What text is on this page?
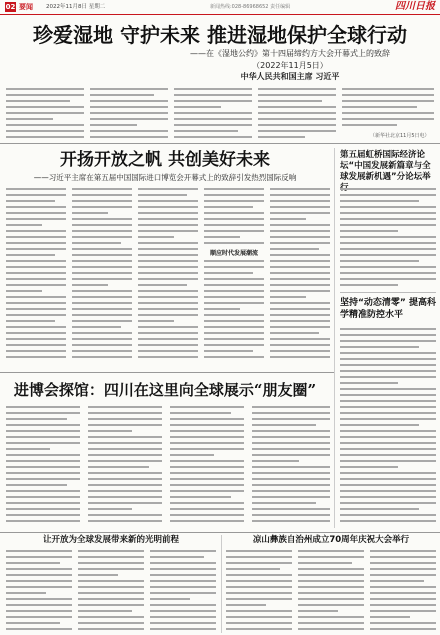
02 要闻 2022年11月8日 星期二	新闻热线:028-86968652 责任编辑	四川日报
珍爱湿地 守护未来 推进湿地保护全球行动
——在《湿地公约》第十四届缔约方大会开幕式上的致辞
（2022年11月5日）
中华人民共和国主席 习近平
（新华社北京11月5日电）
开扬开放之帆 共创美好未来
——习近平主席在第五届中国国际进口博览会开幕式上的致辞引发热烈国际反响
顺应时代发展潮流
第五届虹桥国际经济论坛“中国发展新篇章与全球发展新机遇”分论坛举
坚持“动态清零” 提高科学精准防控水平
进博会探馆：四川在这里向全球展示“朋友圈”
让开放为全球发展带来新的光明前程	凉山彝族自治州成立70周年庆祝大会举行
